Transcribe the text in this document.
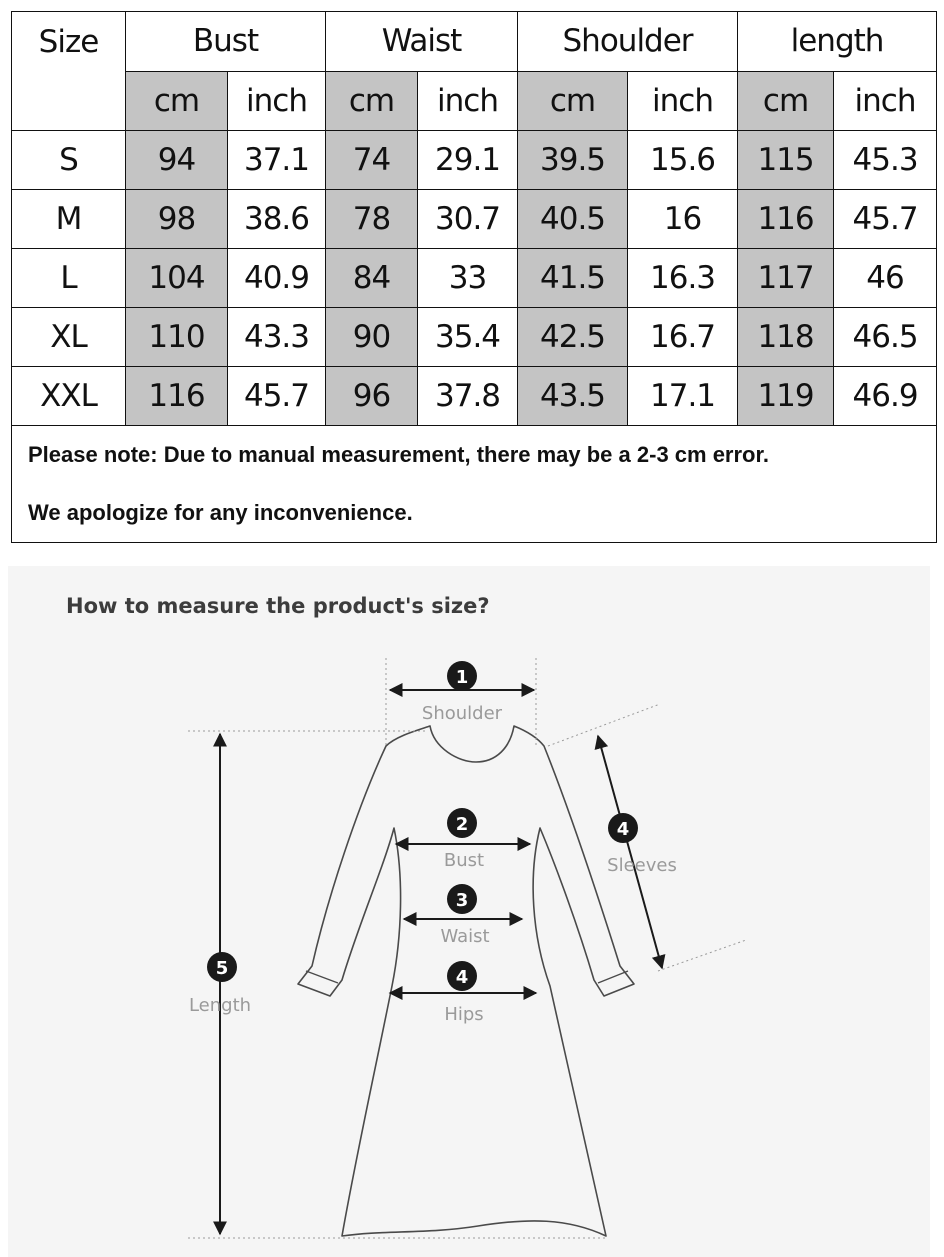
Size	Bust		Waist		Shoulder		length	
	cm	inch	cm	inch	cm	inch	cm	inch
S	94	37.1	74	29.1	39.5	15.6	115	45.3
M	98	38.6	78	30.7	40.5	16	116	45.7
L	104	40.9	84	33	41.5	16.3	117	46
XL	110	43.3	90	35.4	42.5	16.7	118	46.5
XXL	116	45.7	96	37.8	43.5	17.1	119	46.9

Please note: Due to manual measurement, there may be a 2-3 cm error.
We apologize for any inconvenience.								
How to measure the product's size?
1
Shoulder
2
Bust
3
Waist
4
Hips
4
Sleeves
5
Length
